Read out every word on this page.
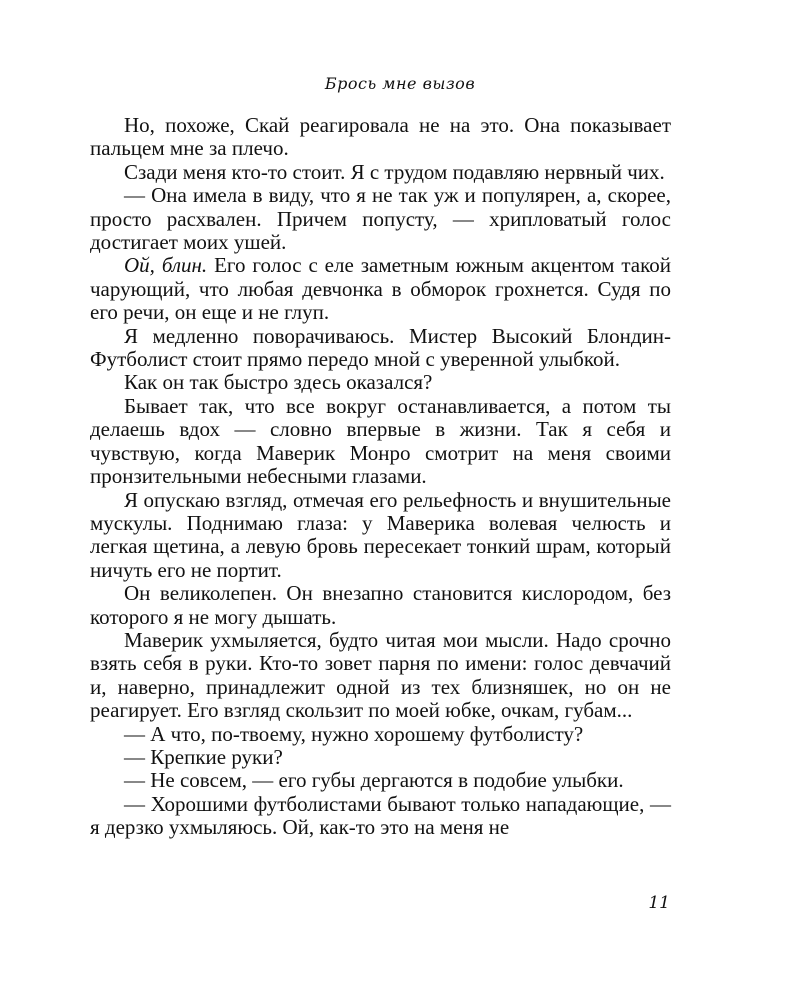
Брось мне вызов

Но, похоже, Скай реагировала не на это. Она показывает пальцем мне за плечо.

Сзади меня кто-то стоит. Я с трудом подавляю нервный чих.

— Она имела в виду, что я не так уж и популярен, а, скорее, просто расхвален. Причем попусту, — хрипловатый голос достигает моих ушей.

Ой, блин. Его голос с еле заметным южным акцентом такой чарующий, что любая девчонка в обморок грохнется. Судя по его речи, он еще и не глуп.

Я медленно поворачиваюсь. Мистер Высокий Блондин-Футболист стоит прямо передо мной с уверенной улыбкой.

Как он так быстро здесь оказался?

Бывает так, что все вокруг останавливается, а потом ты делаешь вдох — словно впервые в жизни. Так я себя и чувствую, когда Маверик Монро смотрит на меня своими пронзительными небесными глазами.

Я опускаю взгляд, отмечая его рельефность и внушительные мускулы. Поднимаю глаза: у Маверика волевая челюсть и легкая щетина, а левую бровь пересекает тонкий шрам, который ничуть его не портит.

Он великолепен. Он внезапно становится кислородом, без которого я не могу дышать.

Маверик ухмыляется, будто читая мои мысли. Надо срочно взять себя в руки. Кто-то зовет парня по имени: голос девчачий и, наверно, принадлежит одной из тех близняшек, но он не реагирует. Его взгляд скользит по моей юбке, очкам, губам...

— А что, по-твоему, нужно хорошему футболисту?

— Крепкие руки?

— Не совсем, — его губы дергаются в подобие улыбки.

— Хорошими футболистами бывают только нападающие, — я дерзко ухмыляюсь. Ой, как-то это на меня не

11
